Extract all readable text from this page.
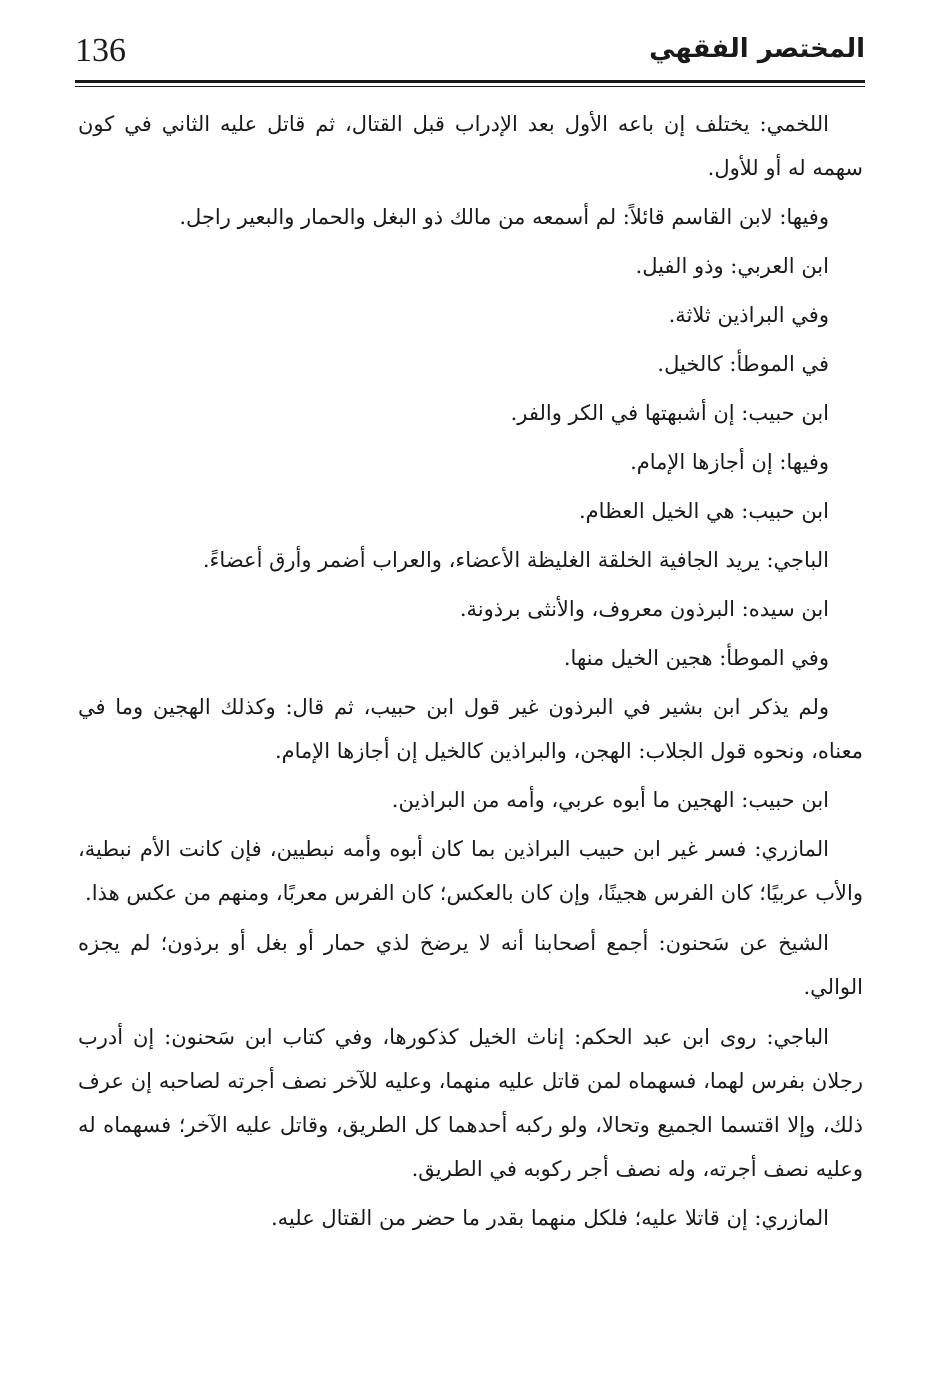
136	المختصر الفقهي

اللخمي: يختلف إن باعه الأول بعد الإدراب قبل القتال، ثم قاتل عليه الثاني في كون سهمه له أو للأول.

وفيها: لابن القاسم قائلاً: لم أسمعه من مالك ذو البغل والحمار والبعير راجل.

ابن العربي: وذو الفيل.

وفي البراذين ثلاثة.

في الموطأ: كالخيل.

ابن حبيب: إن أشبهتها في الكر والفر.

وفيها: إن أجازها الإمام.

ابن حبيب: هي الخيل العظام.

الباجي: يريد الجافية الخلقة الغليظة الأعضاء، والعراب أضمر وأرق أعضاءً.

ابن سيده: البرذون معروف، والأنثى برذونة.

وفي الموطأ: هجين الخيل منها.

ولم يذكر ابن بشير في البرذون غير قول ابن حبيب، ثم قال: وكذلك الهجين وما في معناه، ونحوه قول الجلاب: الهجن، والبراذين كالخيل إن أجازها الإمام.

ابن حبيب: الهجين ما أبوه عربي، وأمه من البراذين.

المازري: فسر غير ابن حبيب البراذين بما كان أبوه وأمه نبطيين، فإن كانت الأم نبطية، والأب عربيًا؛ كان الفرس هجينًا، وإن كان بالعكس؛ كان الفرس معربًا، ومنهم من عكس هذا.

الشيخ عن سَحنون: أجمع أصحابنا أنه لا يرضخ لذي حمار أو بغل أو برذون؛ لم يجزه الوالي.

الباجي: روى ابن عبد الحكم: إناث الخيل كذكورها، وفي كتاب ابن سَحنون: إن أدرب رجلان بفرس لهما، فسهماه لمن قاتل عليه منهما، وعليه للآخر نصف أجرته لصاحبه إن عرف ذلك، وإلا اقتسما الجميع وتحالا، ولو ركبه أحدهما كل الطريق، وقاتل عليه الآخر؛ فسهماه له وعليه نصف أجرته، وله نصف أجر ركوبه في الطريق.

المازري: إن قاتلا عليه؛ فلكل منهما بقدر ما حضر من القتال عليه.
